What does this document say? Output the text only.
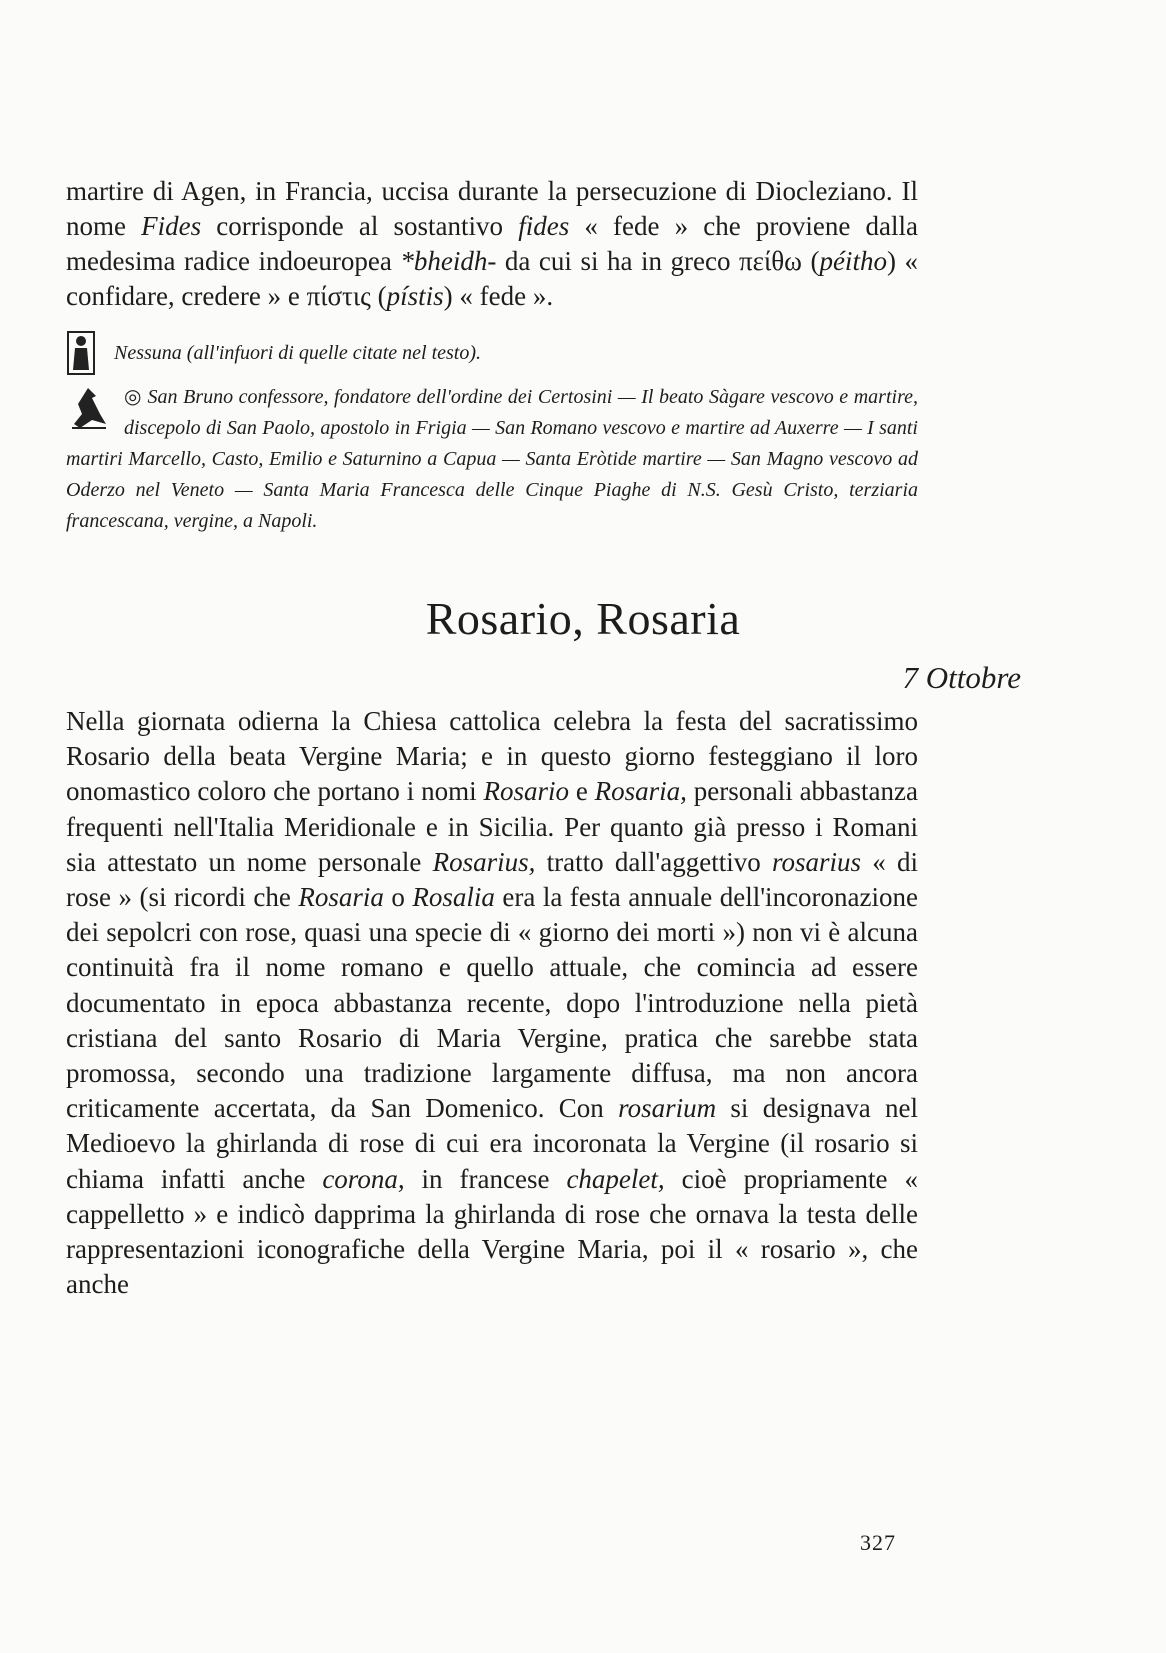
martire di Agen, in Francia, uccisa durante la persecuzione di Diocleziano. Il nome Fides corrisponde al sostantivo fides « fede » che proviene dalla medesima radice indoeuropea *bheidh- da cui si ha in greco πείθω (péitho) « confidare, credere » e πίστις (pístis) « fede ».

Nessuna (all'infuori di quelle citate nel testo).

◎ San Bruno confessore, fondatore dell'ordine dei Certosini — Il beato Sàgare vescovo e martire, discepolo di San Paolo, apostolo in Frigia — San Romano vescovo e martire ad Auxerre — I santi martiri Marcello, Casto, Emilio e Saturnino a Capua — Santa Eròtide martire — San Magno vescovo ad Oderzo nel Veneto — Santa Maria Francesca delle Cinque Piaghe di N.S. Gesù Cristo, terziaria francescana, vergine, a Napoli.

Rosario, Rosaria
7 Ottobre

Nella giornata odierna la Chiesa cattolica celebra la festa del sacratissimo Rosario della beata Vergine Maria; e in questo giorno festeggiano il loro onomastico coloro che portano i nomi Rosario e Rosaria, personali abbastanza frequenti nell'Italia Meridionale e in Sicilia. Per quanto già presso i Romani sia attestato un nome personale Rosarius, tratto dall'aggettivo rosarius « di rose » (si ricordi che Rosaria o Rosalia era la festa annuale dell'incoronazione dei sepolcri con rose, quasi una specie di « giorno dei morti ») non vi è alcuna continuità fra il nome romano e quello attuale, che comincia ad essere documentato in epoca abbastanza recente, dopo l'introduzione nella pietà cristiana del santo Rosario di Maria Vergine, pratica che sarebbe stata promossa, secondo una tradizione largamente diffusa, ma non ancora criticamente accertata, da San Domenico. Con rosarium si designava nel Medioevo la ghirlanda di rose di cui era incoronata la Vergine (il rosario si chiama infatti anche corona, in francese chapelet, cioè propriamente « cappelletto » e indicò dapprima la ghirlanda di rose che ornava la testa delle rappresentazioni iconografiche della Vergine Maria, poi il « rosario », che anche

327
